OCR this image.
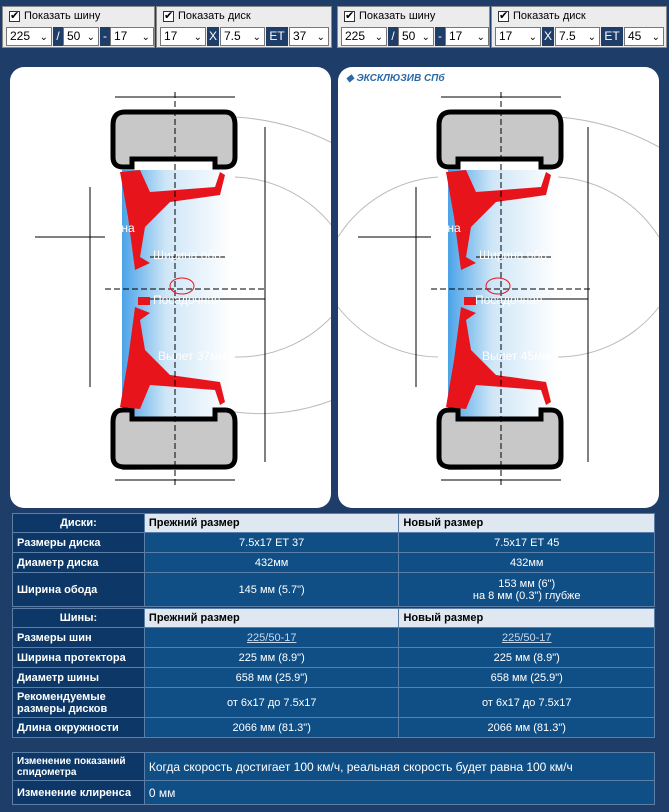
✔
Показать шину
225 ⌄ / 50 ⌄ - 17 ⌄
✔
Показать диск
17 ⌄ X 7.5 ⌄ ET 37 ⌄
✔
Показать шину
225 ⌄ / 50 ⌄ - 17 ⌄
✔
Показать диск
17 ⌄ X 7.5 ⌄ ET 45 ⌄
рона
Ширина обо
Посадочная
Вылет 37мм
◆ ЭКСКЛЮЗИВ СПб
рона
Ширина обо
Посадочная
Вылет 45мм
Диски:	Прежний размер	Новый размер
Размеры диска	7.5x17 ET 37	7.5x17 ET 45
Диаметр диска	432мм	432мм
Ширина обода	145 мм (5.7")	153 мм (6")
на 8 мм (0.3") глубже
Шины:	Прежний размер	Новый размер
Размеры шин	225/50-17	225/50-17
Ширина протектора	225 мм (8.9")	225 мм (8.9")
Диаметр шины	658 мм (25.9")	658 мм (25.9")
Рекомендуемые размеры дисков	от 6x17 до 7.5x17	от 6x17 до 7.5x17
Длина окружности	2066 мм (81.3")	2066 мм (81.3")
Изменение показаний спидометра	Когда скорость достигает 100 км/ч, реальная скорость будет равна 100 км/ч
Изменение клиренса	0 мм
